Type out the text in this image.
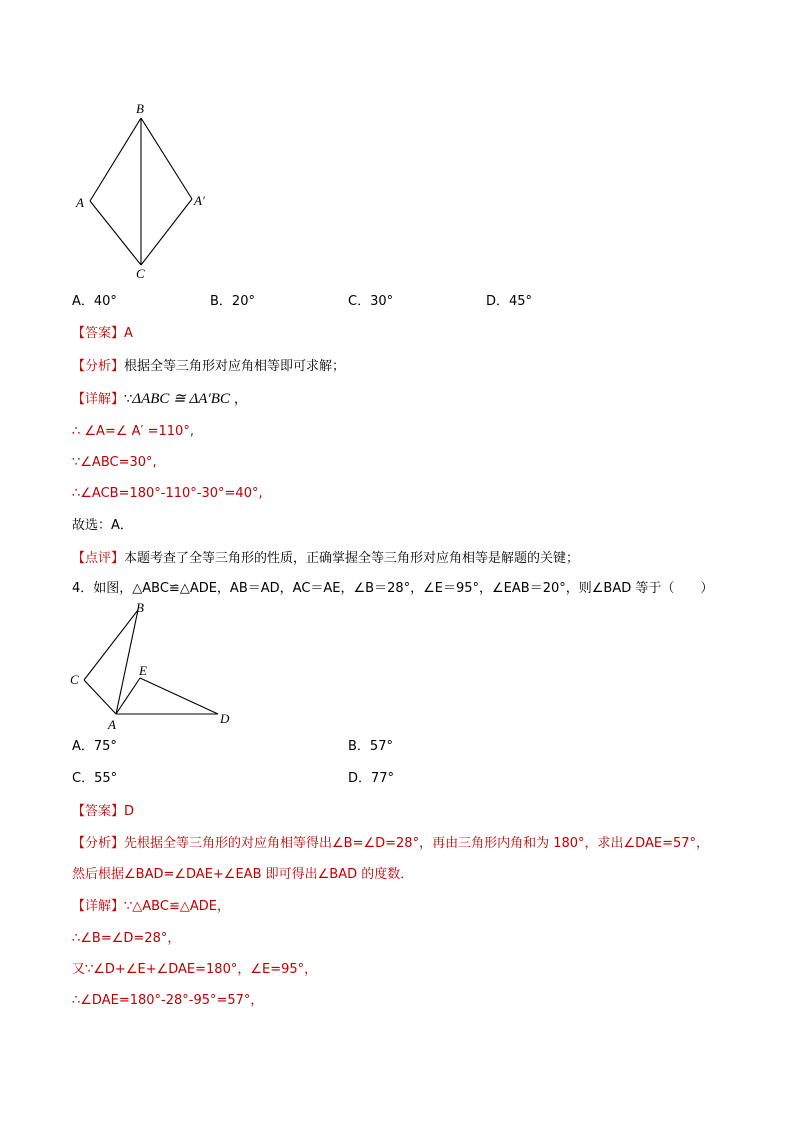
B
A	A′
C
A．40°	B．20°	C．30°	D．45°
【答案】A
【分析】根据全等三角形对应角相等即可求解；
【详解】∵ΔABC ≅ ΔA′BC ，
∴ ∠A=∠ A′ =110°,
∵∠ABC=30°,
∴∠ACB=180°-110°-30°=40°,
故选：A．
【点评】本题考查了全等三角形的性质，正确掌握全等三角形对应角相等是解题的关键；
4．如图，△ABC≌△ADE，AB＝AD，AC＝AE，∠B＝28°，∠E＝95°，∠EAB＝20°，则∠BAD 等于（　　）
B
C
E
A	D
A．75°	B．57°
C．55°	D．77°
【答案】D
【分析】先根据全等三角形的对应角相等得出∠B=∠D=28°，再由三角形内角和为 180°，求出∠DAE=57°，
然后根据∠BAD=∠DAE+∠EAB 即可得出∠BAD 的度数．
【详解】∵△ABC≌△ADE，
∴∠B=∠D=28°，
又∵∠D+∠E+∠DAE=180°，∠E=95°，
∴∠DAE=180°-28°-95°=57°，
